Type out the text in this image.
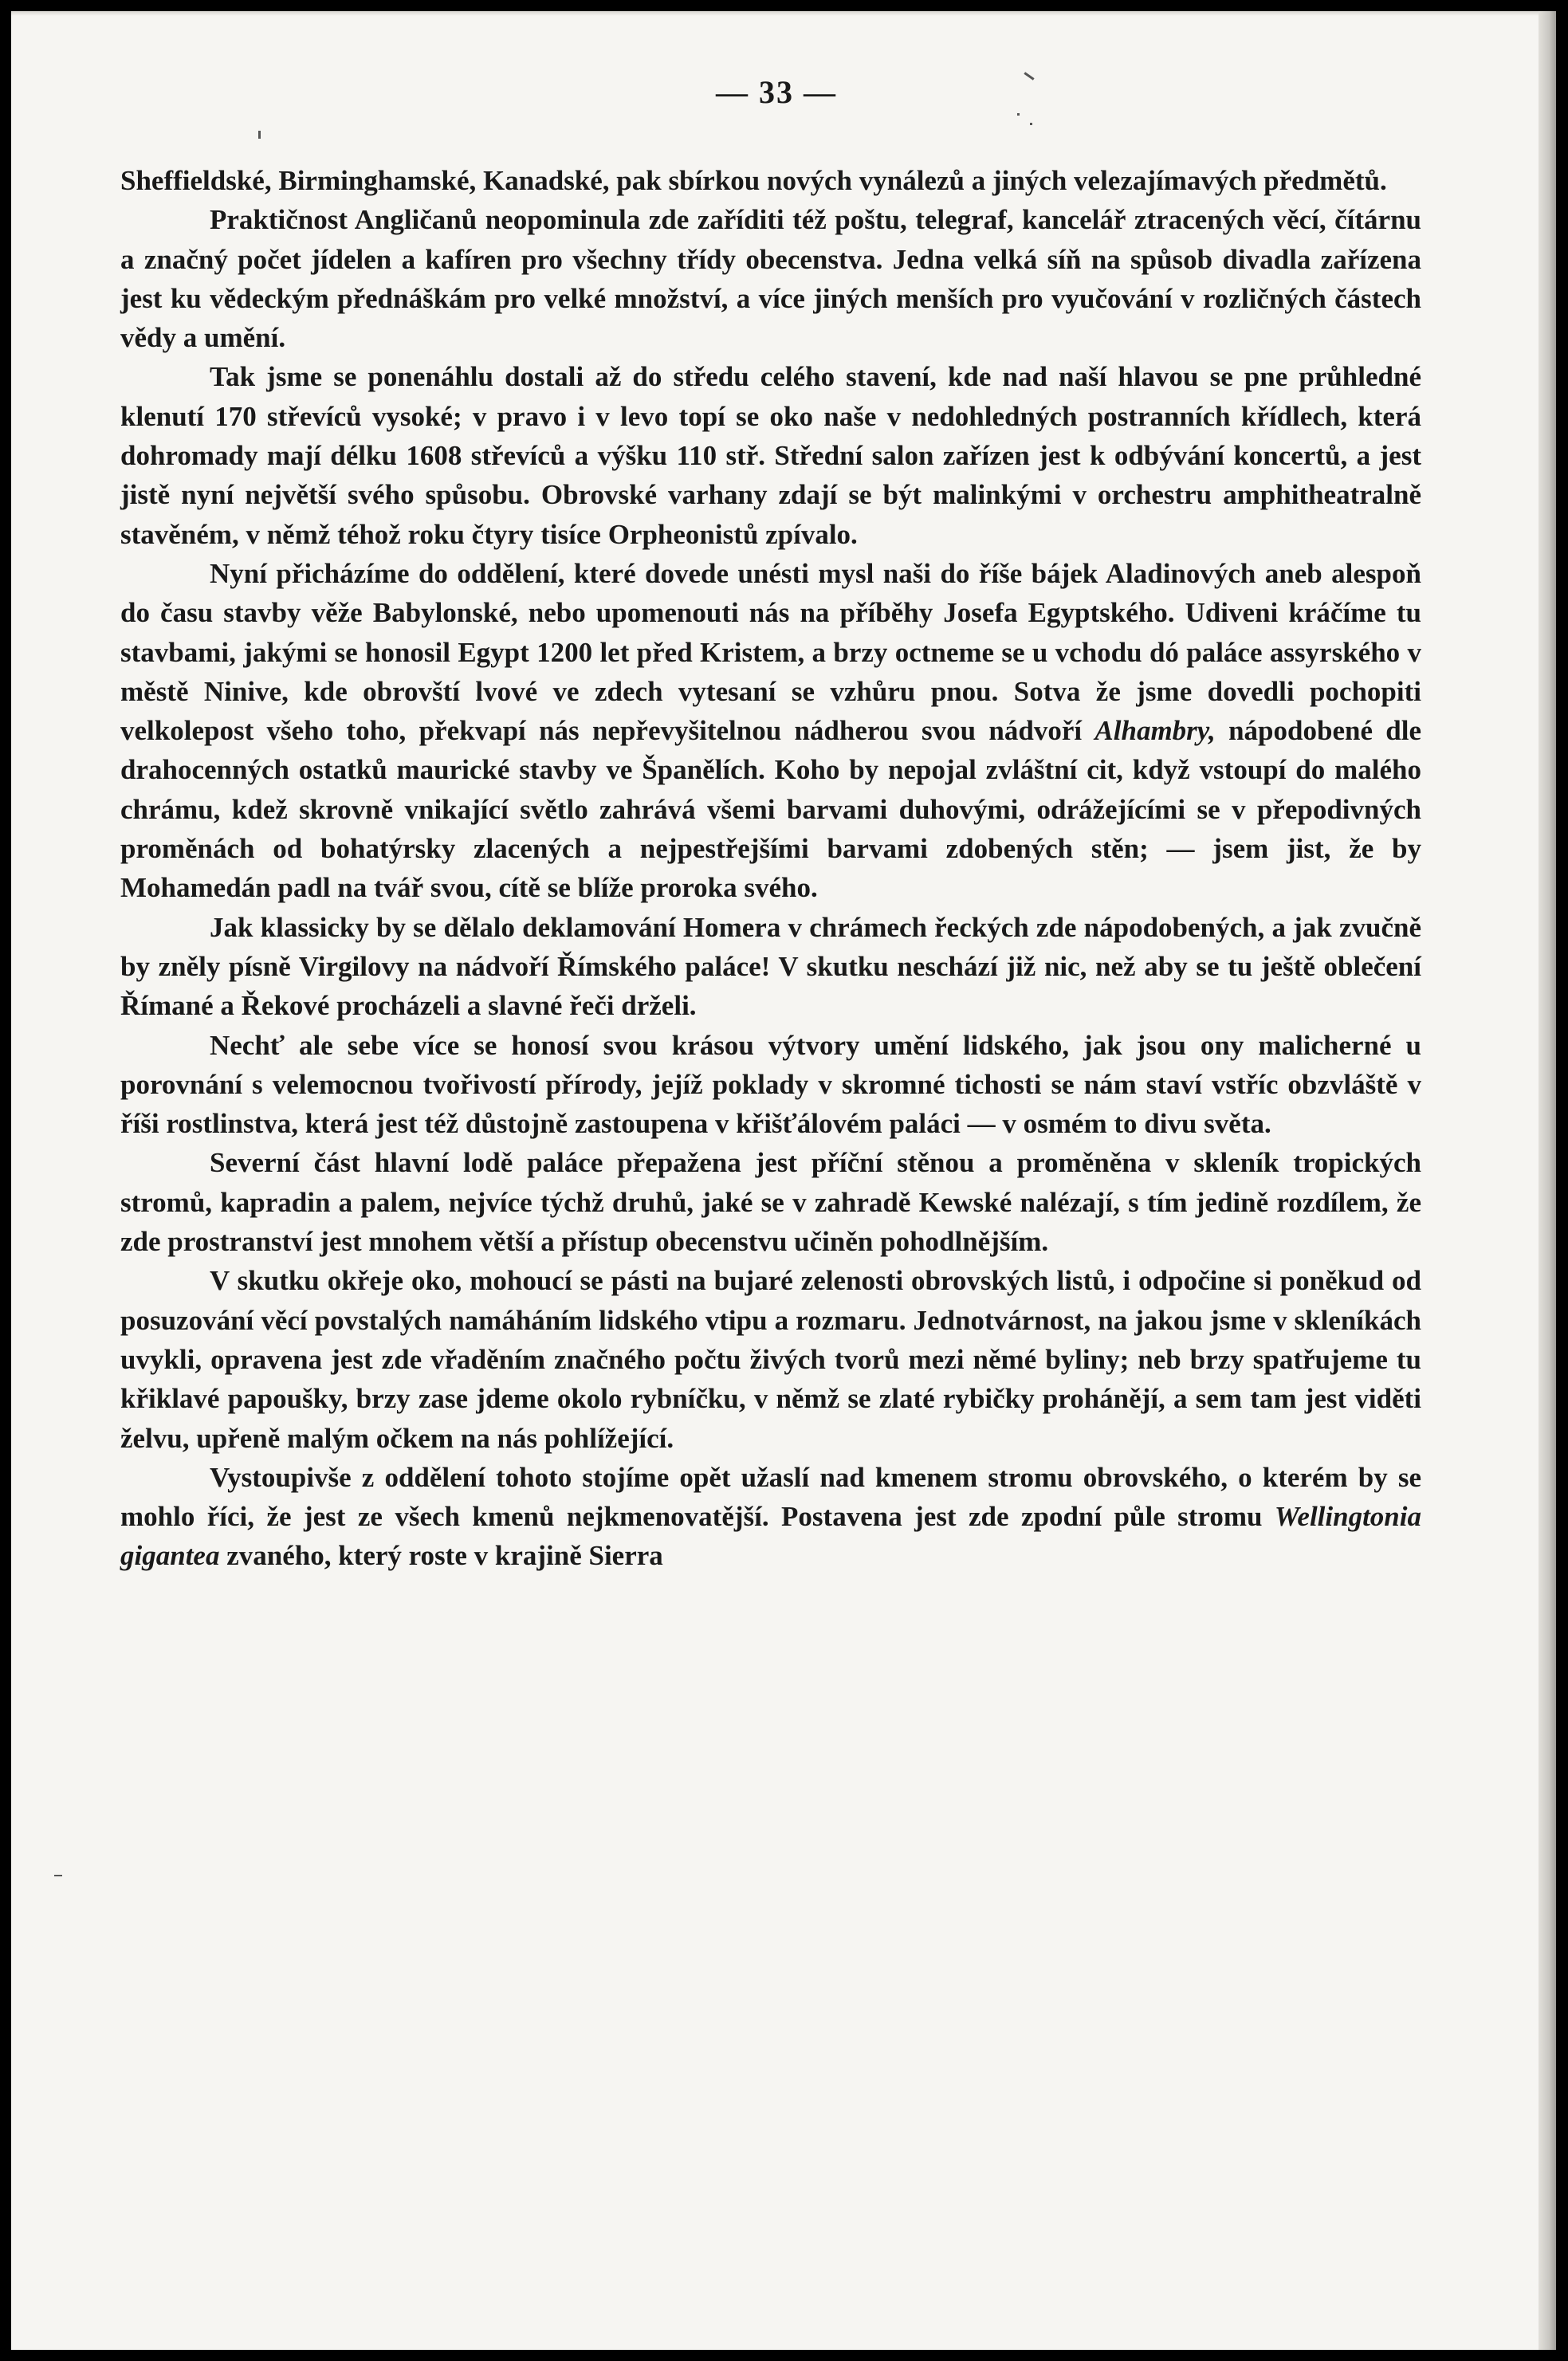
— 33 —

Sheffieldské, Birminghamské, Kanadské, pak sbírkou nových vynálezů a jiných velezajímavých předmětů.

Praktičnost Angličanů neopominula zde zaříditi též poštu, telegraf, kancelář ztracených věcí, čítárnu a značný počet jídelen a kafíren pro všechny třídy obecenstva. Jedna velká síň na spůsob divadla zařízena jest ku vědeckým přednáškám pro velké množství, a více jiných menších pro vyučování v rozličných částech vědy a umění.

Tak jsme se ponenáhlu dostali až do středu celého stavení, kde nad naší hlavou se pne průhledné klenutí 170 střevíců vysoké; v pravo i v levo topí se oko naše v nedohledných postranních křídlech, která dohromady mají délku 1608 střevíců a výšku 110 stř. Střední salon zařízen jest k odbývání koncertů, a jest jistě nyní největší svého spůsobu. Obrovské varhany zdají se být malinkými v orchestru amphitheatralně stavěném, v němž téhož roku čtyry tisíce Orpheonistů zpívalo.

Nyní přicházíme do oddělení, které dovede unésti mysl naši do říše bájek Aladinových aneb alespoň do času stavby věže Babylonské, nebo upomenouti nás na příběhy Josefa Egyptského. Udiveni kráčíme tu stavbami, jakými se honosil Egypt 1200 let před Kristem, a brzy octneme se u vchodu dó paláce assyrského v městě Ninive, kde obrovští lvové ve zdech vytesaní se vzhůru pnou. Sotva že jsme dovedli pochopiti velkolepost všeho toho, překvapí nás nepřevyšitelnou nádherou svou nádvoří Alhambry, nápodobené dle drahocenných ostatků maurické stavby ve Španělích. Koho by nepojal zvláštní cit, když vstoupí do malého chrámu, kdež skrovně vnikající světlo zahrává všemi barvami duhovými, odrážejícími se v přepodivných proměnách od bohatýrsky zlacených a nejpestřejšími barvami zdobených stěn; — jsem jist, že by Mohamedán padl na tvář svou, cítě se blíže proroka svého.

Jak klassicky by se dělalo deklamování Homera v chrámech řeckých zde nápodobených, a jak zvučně by zněly písně Virgilovy na nádvoří Římského paláce! V skutku neschází již nic, než aby se tu ještě oblečení Římané a Řekové procházeli a slavné řeči drželi.

Nechť ale sebe více se honosí svou krásou výtvory umění lidského, jak jsou ony malicherné u porovnání s velemocnou tvořivostí přírody, jejíž poklady v skromné tichosti se nám staví vstříc obzvláště v říši rostlinstva, která jest též důstojně zastoupena v křišťálovém paláci — v osmém to divu světa.

Severní část hlavní lodě paláce přepažena jest příční stěnou a proměněna v skleník tropických stromů, kapradin a palem, nejvíce týchž druhů, jaké se v zahradě Kewské nalézají, s tím jedině rozdílem, že zde prostranství jest mnohem větší a přístup obecenstvu učiněn pohodlnějším.

V skutku okřeje oko, mohoucí se pásti na bujaré zelenosti obrovských listů, i odpočine si poněkud od posuzování věcí povstalých namáháním lidského vtipu a rozmaru. Jednotvárnost, na jakou jsme v skleníkách uvykli, opravena jest zde vřaděním značného počtu živých tvorů mezi němé byliny; neb brzy spatřujeme tu křiklavé papoušky, brzy zase jdeme okolo rybníčku, v němž se zlaté rybičky prohánějí, a sem tam jest viděti želvu, upřeně malým očkem na nás pohlížející.

Vystoupivše z oddělení tohoto stojíme opět užaslí nad kmenem stromu obrovského, o kterém by se mohlo říci, že jest ze všech kmenů nejkmenovatější. Postavena jest zde zpodní půle stromu Wellingtonia gigantea zvaného, který roste v krajině Sierra
